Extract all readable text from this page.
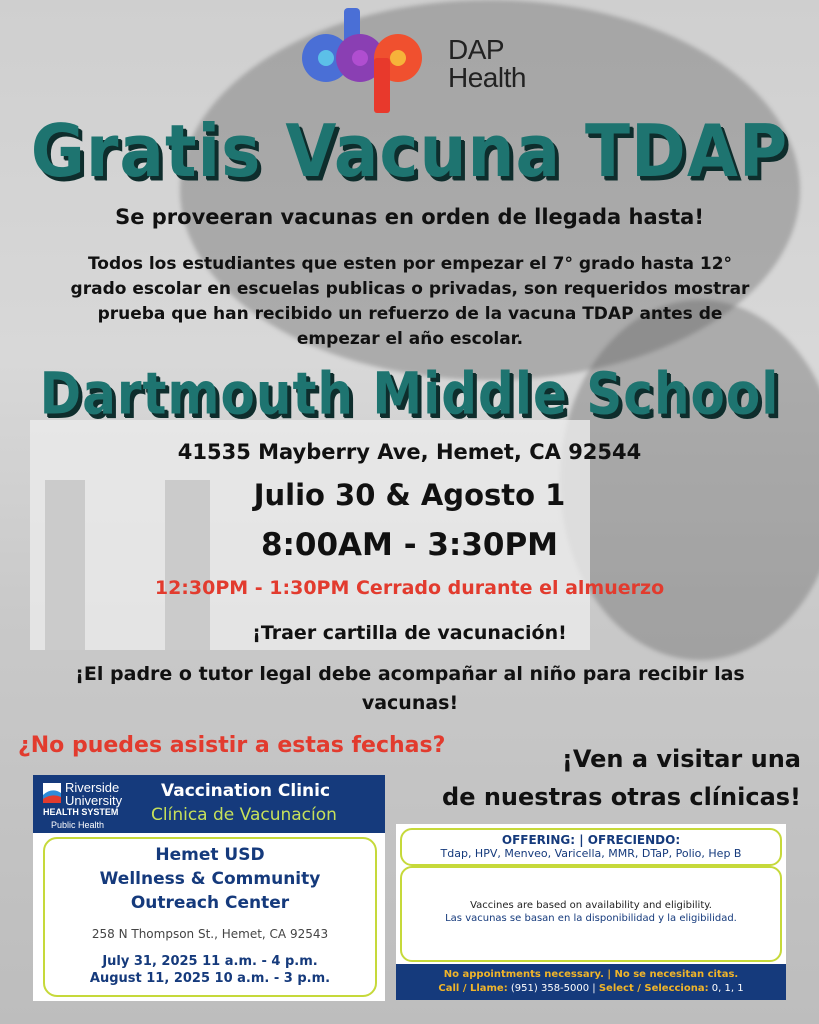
DAP
Health
Gratis Vacuna TDAP
Se proveeran vacunas en orden de llegada hasta!
Todos los estudiantes que esten por empezar el 7° grado hasta 12° grado escolar en escuelas publicas o privadas, son requeridos mostrar prueba que han recibido un refuerzo de la vacuna TDAP antes de empezar el año escolar.
Dartmouth Middle School
41535 Mayberry Ave, Hemet, CA 92544
Julio 30 & Agosto 1
8:00AM - 3:30PM
12:30PM - 1:30PM Cerrado durante el almuerzo
¡Traer cartilla de vacunación!
¡El padre o tutor legal debe acompañar al niño para recibir las vacunas!
¿No puedes asistir a estas fechas?	¡Ven a visitar una
de nuestras otras clínicas!
Riverside
University
HEALTH SYSTEM
Public Health
Vaccination Clinic
Clínica de Vacunacíon
Hemet USD
Wellness & Community
Outreach Center
258 N Thompson St., Hemet, CA 92543
July 31, 2025 11 a.m. - 4 p.m.
August 11, 2025 10 a.m. - 3 p.m.
OFFERING: | OFRECIENDO:
Tdap, HPV, Menveo, Varicella, MMR, DTaP, Polio, Hep B
Vaccines are based on availability and eligibility.
Las vacunas se basan en la disponibilidad y la eligibilidad.
No appointments necessary. | No se necesitan citas.
Call / Llame: (951) 358-5000 | Select / Selecciona: 0, 1, 1
